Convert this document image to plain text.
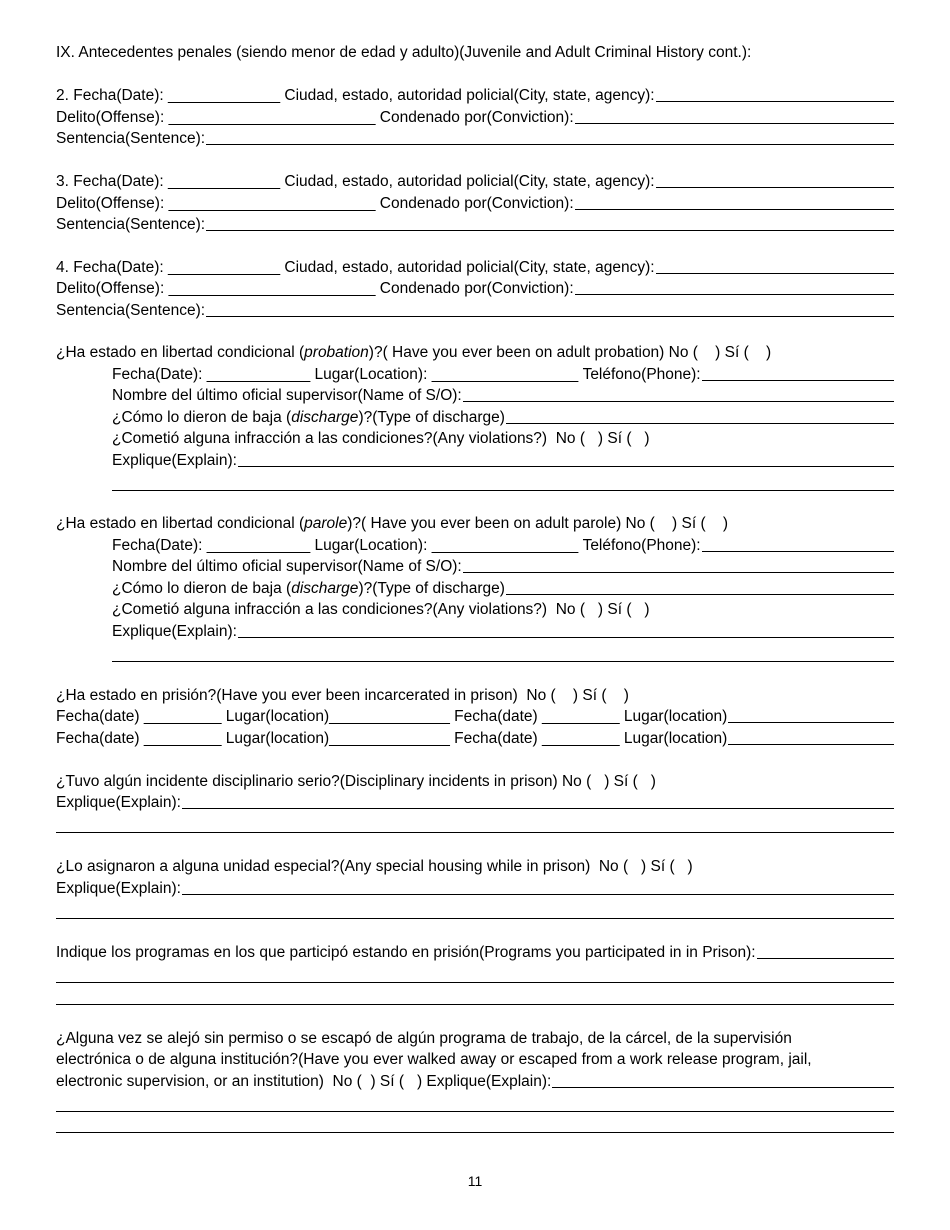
IX. Antecedentes penales (siendo menor de edad y adulto)(Juvenile and Adult Criminal History cont.):
2.
Fecha(Date): _____________
Ciudad, estado, autoridad policial(City, state, agency):
Delito(Offense): ________________________
Condenado por(Conviction):
Sentencia(Sentence):
3.
Fecha(Date): _____________
Ciudad, estado, autoridad policial(City, state, agency):
Delito(Offense): ________________________
Condenado por(Conviction):
Sentencia(Sentence):
4.
Fecha(Date): _____________
Ciudad, estado, autoridad policial(City, state, agency):
Delito(Offense): ________________________
Condenado por(Conviction):
Sentencia(Sentence):
¿Ha estado en libertad condicional ( probation )?( Have you ever been on adult probation) No (    ) Sí (    )
Fecha(Date): ____________
Lugar(Location): _________________
Teléfono(Phone):
Nombre del último oficial supervisor(Name of S/O):
¿Cómo lo dieron de baja ( discharge )?(Type of discharge)
¿Cometió alguna infracción a las condiciones?(Any violations?)  No (   ) Sí (   )
Explique(Explain):
¿Ha estado en libertad condicional ( parole )?( Have you ever been on adult parole) No (    ) Sí (    )
Fecha(Date): ____________
Lugar(Location): _________________
Teléfono(Phone):
Nombre del último oficial supervisor(Name of S/O):
¿Cómo lo dieron de baja ( discharge )?(Type of discharge)
¿Cometió alguna infracción a las condiciones?(Any violations?)  No (   ) Sí (   )
Explique(Explain):
¿Ha estado en prisión?(Have you ever been incarcerated in prison)  No (    ) Sí (    )
Fecha(date) _________ Lugar(location)______________ Fecha(date) _________ Lugar(location)
Fecha(date) _________ Lugar(location)______________ Fecha(date) _________ Lugar(location)
¿Tuvo algún incidente disciplinario serio?(Disciplinary incidents in prison) No (   ) Sí (   )
Explique(Explain):
¿Lo asignaron a alguna unidad especial?(Any special housing while in prison)  No (   ) Sí (   )
Explique(Explain):
Indique los programas en los que participó estando en prisión(Programs you participated in in Prison):
¿Alguna vez se alejó sin permiso o se escapó de algún programa de trabajo, de la cárcel, de la supervisión
electrónica o de alguna institución?(Have you ever walked away or escaped from a work release program, jail,
electronic supervision, or an institution)  No (  ) Sí (   ) Explique(Explain):
11
